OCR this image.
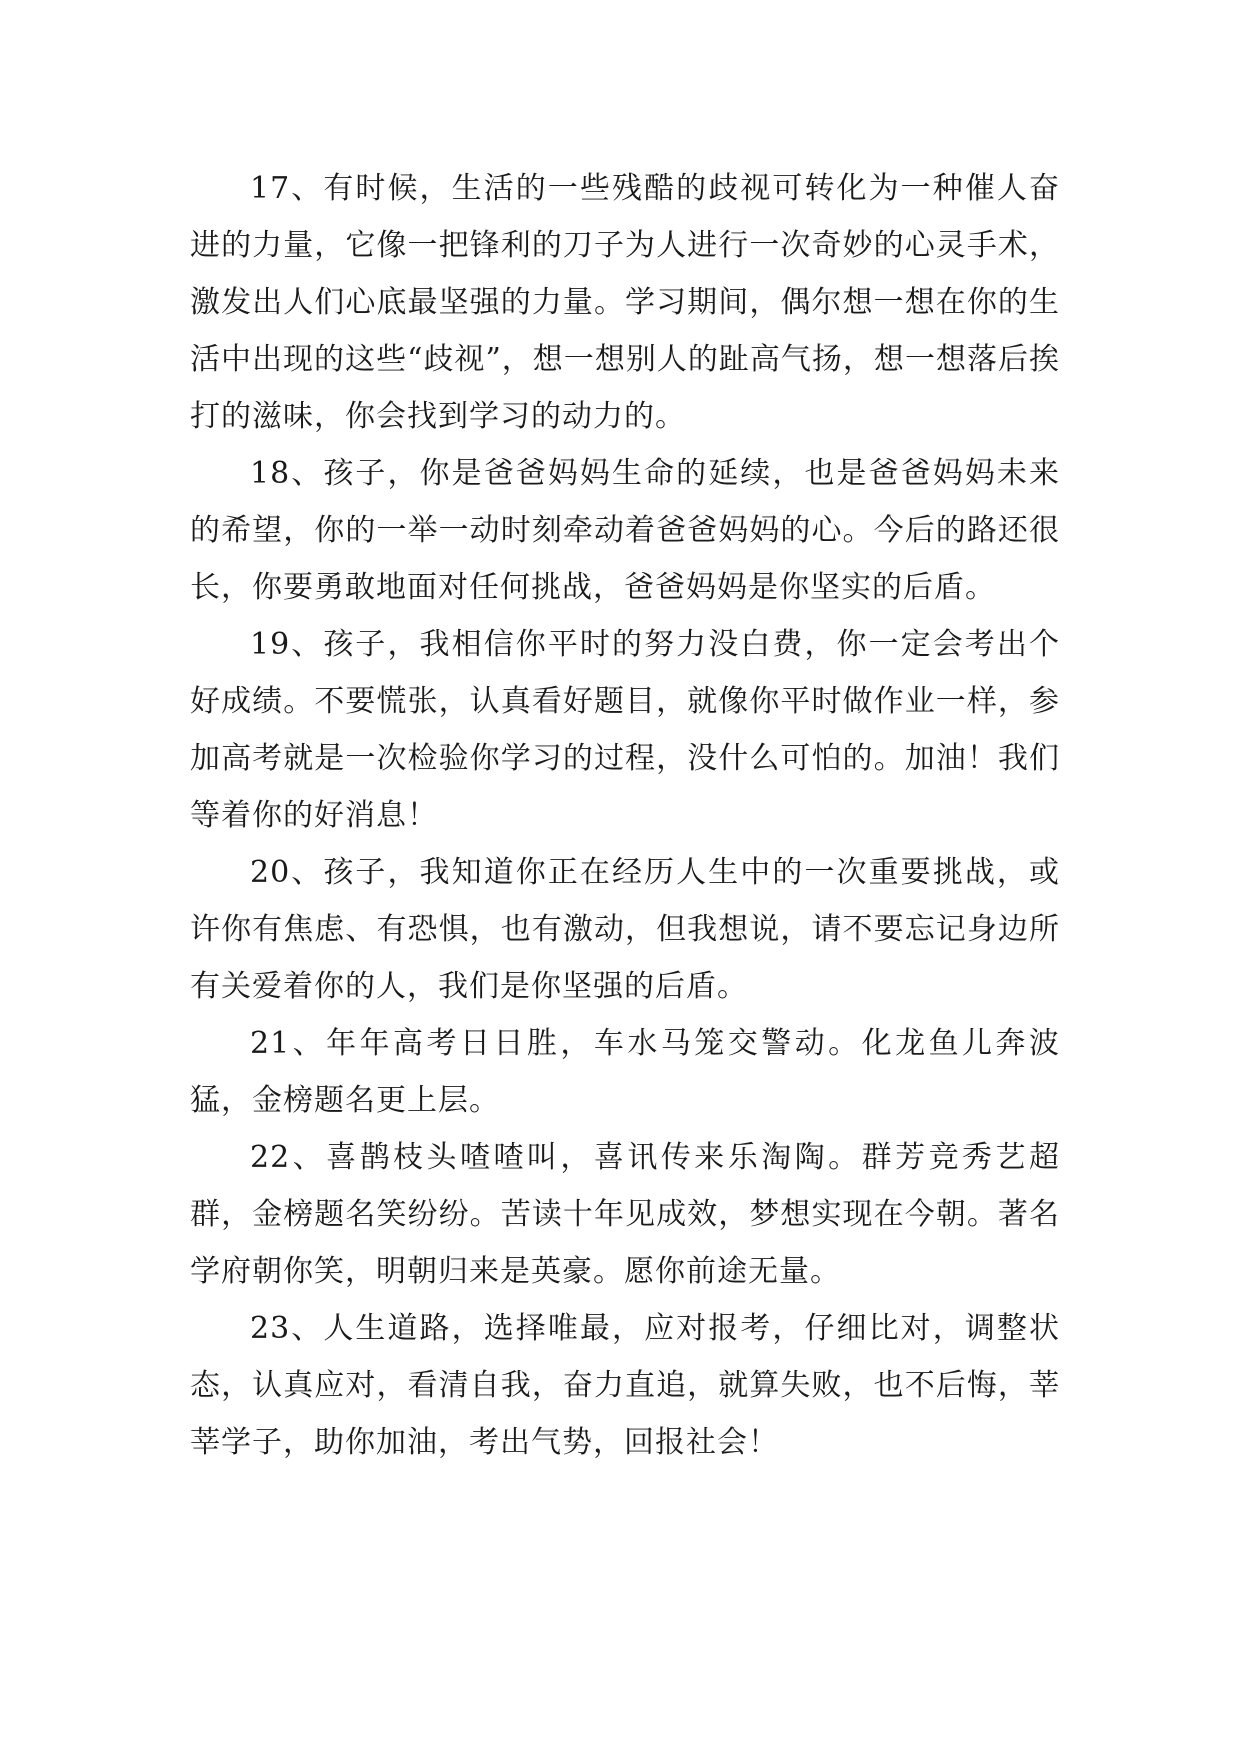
17、有时候，生活的一些残酷的歧视可转化为一种催人奋进的力量，它像一把锋利的刀子为人进行一次奇妙的心灵手术，激发出人们心底最坚强的力量。学习期间，偶尔想一想在你的生活中出现的这些“歧视”，想一想别人的趾高气扬，想一想落后挨打的滋味，你会找到学习的动力的。

18、孩子，你是爸爸妈妈生命的延续，也是爸爸妈妈未来的希望，你的一举一动时刻牵动着爸爸妈妈的心。今后的路还很长，你要勇敢地面对任何挑战，爸爸妈妈是你坚实的后盾。

19、孩子，我相信你平时的努力没白费，你一定会考出个好成绩。不要慌张，认真看好题目，就像你平时做作业一样，参加高考就是一次检验你学习的过程，没什么可怕的。加油！我们等着你的好消息！

20、孩子，我知道你正在经历人生中的一次重要挑战，或许你有焦虑、有恐惧，也有激动，但我想说，请不要忘记身边所有关爱着你的人，我们是你坚强的后盾。

21、年年高考日日胜，车水马笼交警动。化龙鱼儿奔波猛，金榜题名更上层。

22、喜鹊枝头喳喳叫，喜讯传来乐淘陶。群芳竞秀艺超群，金榜题名笑纷纷。苦读十年见成效，梦想实现在今朝。著名学府朝你笑，明朝归来是英豪。愿你前途无量。

23、人生道路，选择唯最，应对报考，仔细比对，调整状态，认真应对，看清自我，奋力直追，就算失败，也不后悔，莘莘学子，助你加油，考出气势，回报社会！
